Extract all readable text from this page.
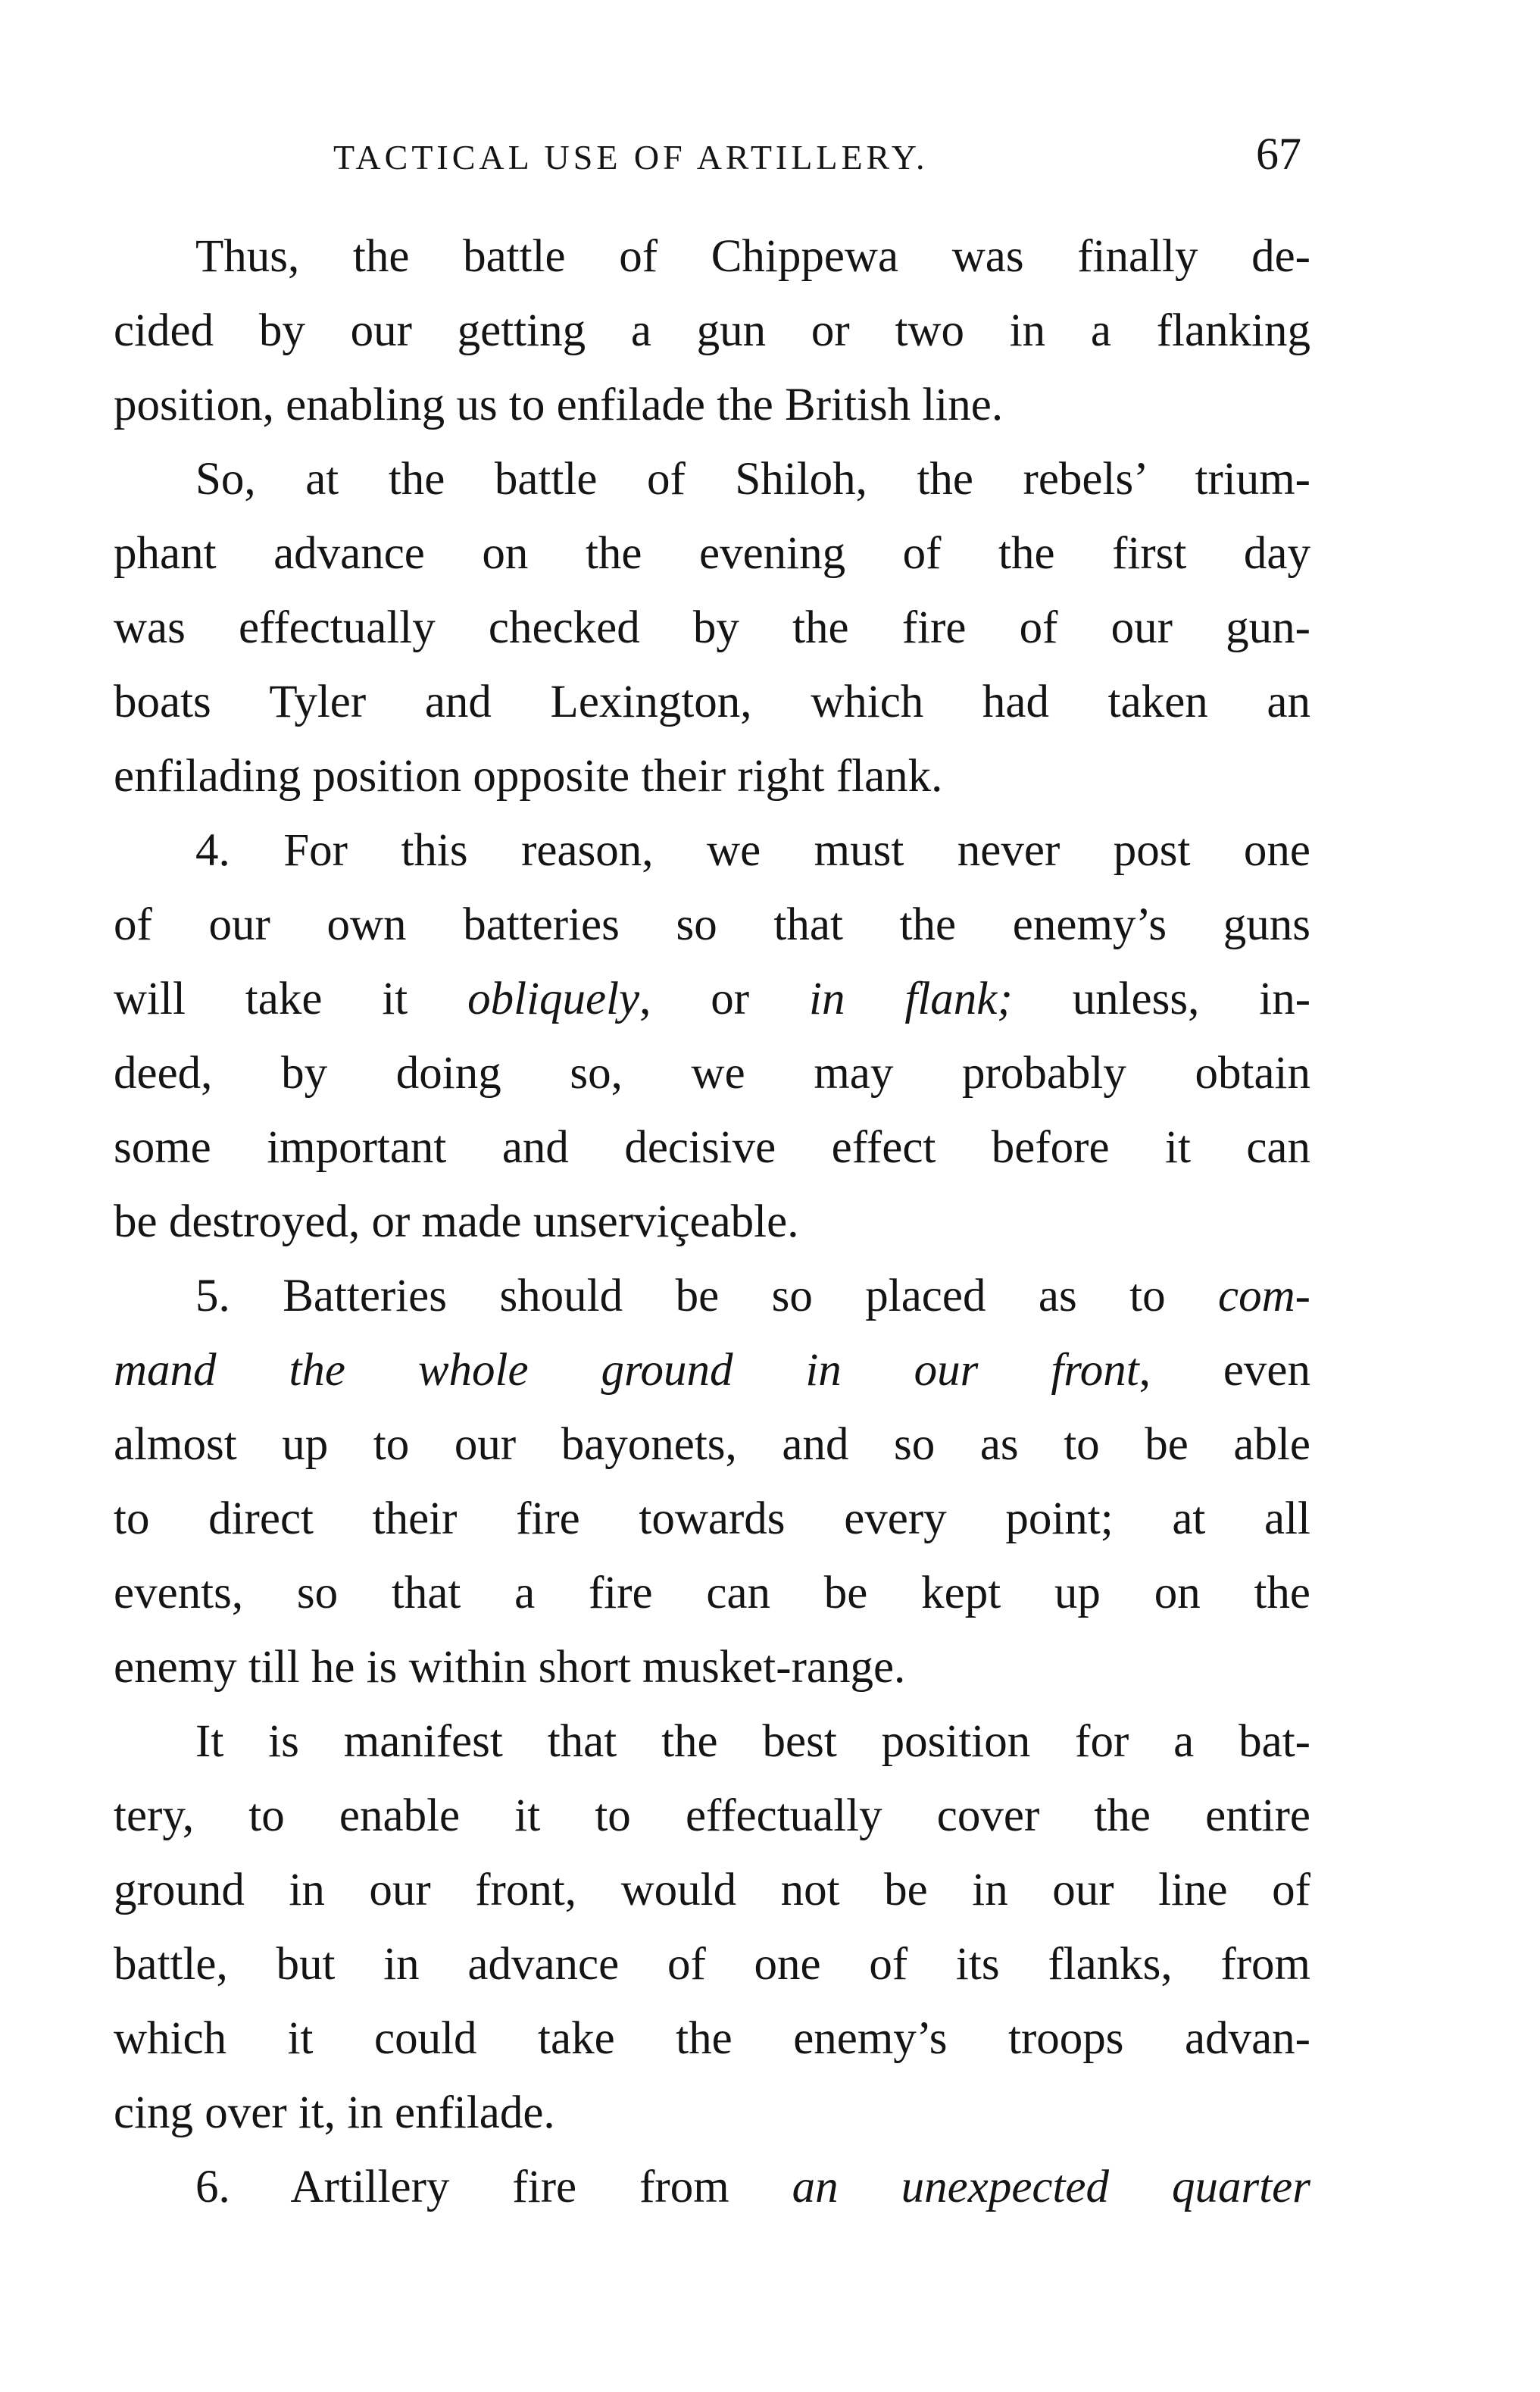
TACTICAL USE OF ARTILLERY.	67
Thus, the battle of Chippewa was finally de-
cided by our getting a gun or two in a flanking
position, enabling us to enfilade the British line.
So, at the battle of Shiloh, the rebels’ trium-
phant advance on the evening of the first day
was effectually checked by the fire of our gun-
boats Tyler and Lexington, which had taken an
enfilading position opposite their right flank.
4. For this reason, we must never post one
of our own batteries so that the enemy’s guns
will take it obliquely, or in flank; unless, in-
deed, by doing so, we may probably obtain
some important and decisive effect before it can
be destroyed, or made unserviçeable.
5. Batteries should be so placed as to com-
mand the whole ground in our front, even
almost up to our bayonets, and so as to be able
to direct their fire towards every point; at all
events, so that a fire can be kept up on the
enemy till he is within short musket-range.
It is manifest that the best position for a bat-
tery, to enable it to effectually cover the entire
ground in our front, would not be in our line of
battle, but in advance of one of its flanks, from
which it could take the enemy’s troops advan-
cing over it, in enfilade.
6. Artillery fire from an unexpected quarter
